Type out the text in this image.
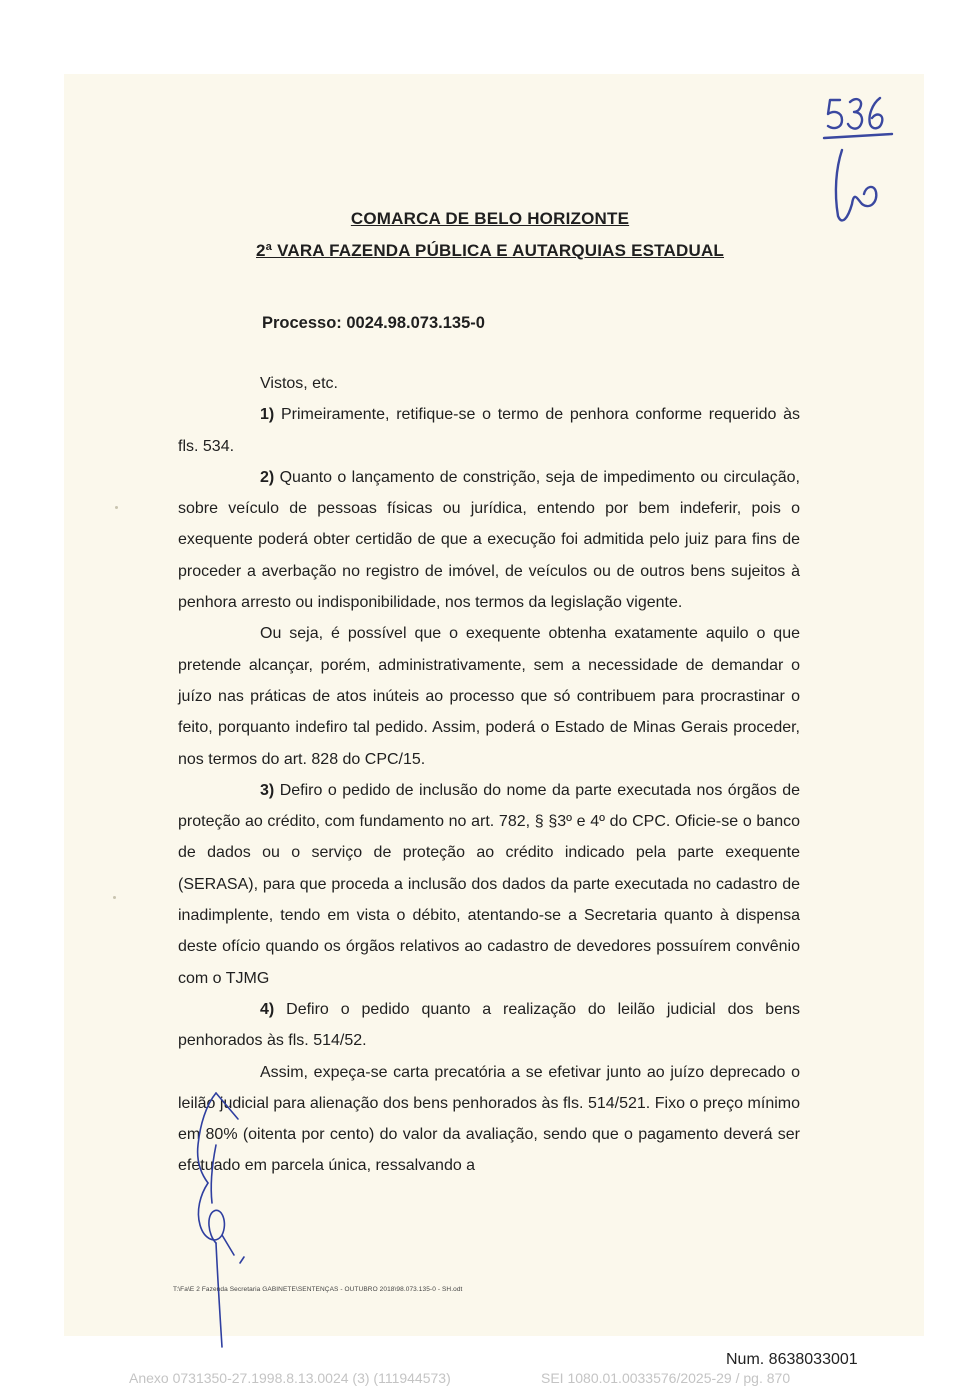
COMARCA DE BELO HORIZONTE
2ª VARA FAZENDA PÚBLICA E AUTARQUIAS ESTADUAL
Processo: 0024.98.073.135-0
Vistos, etc.

1) Primeiramente, retifique-se o termo de penhora conforme requerido às fls. 534.

2) Quanto o lançamento de constrição, seja de impedimento ou circulação, sobre veículo de pessoas físicas ou jurídica, entendo por bem indeferir, pois o exequente poderá obter certidão de que a execução foi admitida pelo juiz para fins de proceder a averbação no registro de imóvel, de veículos ou de outros bens sujeitos à penhora arresto ou indisponibilidade, nos termos da legislação vigente.

Ou seja, é possível que o exequente obtenha exatamente aquilo o que pretende alcançar, porém, administrativamente, sem a necessidade de demandar o juízo nas práticas de atos inúteis ao processo que só contribuem para procrastinar o feito, porquanto indefiro tal pedido. Assim, poderá o Estado de Minas Gerais proceder, nos termos do art. 828 do CPC/15.

3) Defiro o pedido de inclusão do nome da parte executada nos órgãos de proteção ao crédito, com fundamento no art. 782, § §3º e 4º do CPC. Oficie-se o banco de dados ou o serviço de proteção ao crédito indicado pela parte exequente (SERASA), para que proceda a inclusão dos dados da parte executada no cadastro de inadimplente, tendo em vista o débito, atentando-se a Secretaria quanto à dispensa deste ofício quando os órgãos relativos ao cadastro de devedores possuírem convênio com o TJMG

4) Defiro o pedido quanto a realização do leilão judicial dos bens penhorados às fls. 514/52.

Assim, expeça-se carta precatória a se efetivar junto ao juízo deprecado o leilão judicial para alienação dos bens penhorados às fls. 514/521. Fixo o preço mínimo em 80% (oitenta por cento) do valor da avaliação, sendo que o pagamento deverá ser efetuado em parcela única, ressalvando a

T:\Fa\E 2 Fazenda Secretaria GABINETE\SENTENÇAS - OUTUBRO 2018\98.073.135-0 - SH.odt
Num. 8638033001
Anexo 0731350-27.1998.8.13.0024 (3) (111944573)	SEI 1080.01.0033576/2025-29 / pg. 870
